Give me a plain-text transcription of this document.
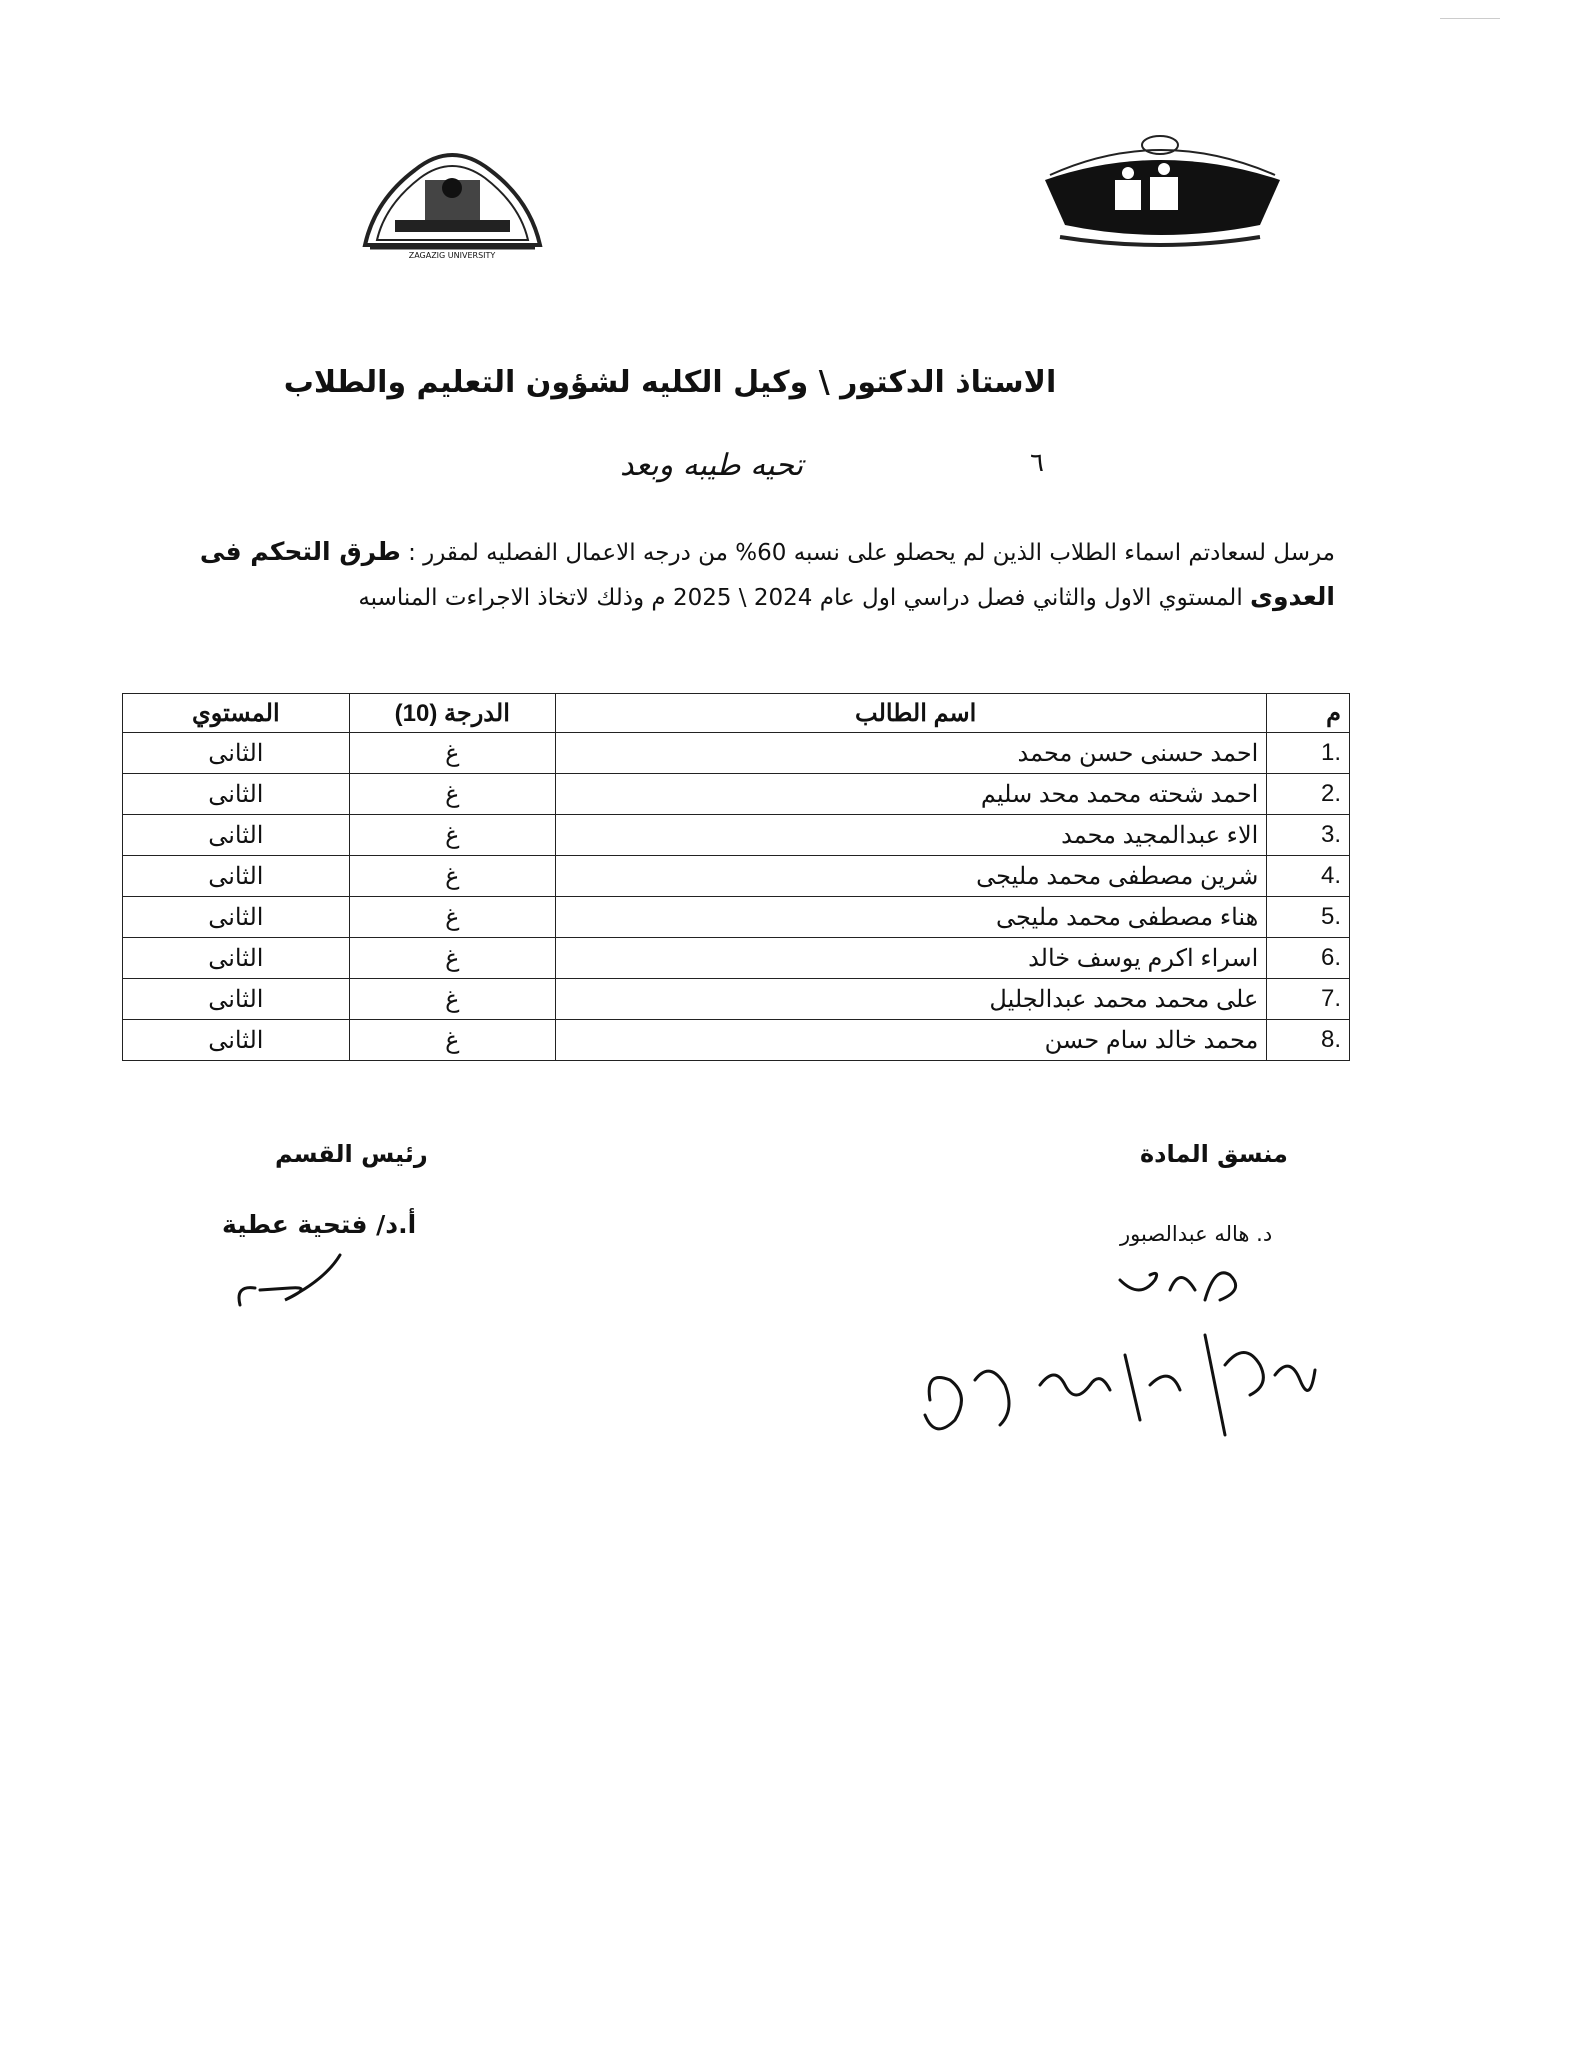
ZAGAZIG UNIVERSITY
الاستاذ الدكتور \ وكيل الكليه لشؤون التعليم والطلاب
٦
تحيه طيبه وبعد
مرسل لسعادتم اسماء الطلاب الذين لم يحصلو على نسبه 60% من درجه الاعمال الفصليه لمقرر : طرق التحكم فى العدوى المستوي الاول والثاني فصل دراسي اول عام 2024 \ 2025 م وذلك لاتخاذ الاجراءت المناسبه
م	اسم الطالب	الدرجة (10)	المستوي
1.	احمد حسنى حسن محمد	غ	الثانى
2.	احمد شحته محمد محد سليم	غ	الثانى
3.	الاء عبدالمجيد محمد	غ	الثانى
4.	شرين مصطفى محمد مليجى	غ	الثانى
5.	هناء مصطفى محمد مليجى	غ	الثانى
6.	اسراء اكرم يوسف خالد	غ	الثانى
7.	على محمد محمد عبدالجليل	غ	الثانى
8.	محمد خالد سام حسن	غ	الثانى
منسق المادة
رئيس القسم
أ.د/ فتحية عطية	د. هاله عبدالصبور
